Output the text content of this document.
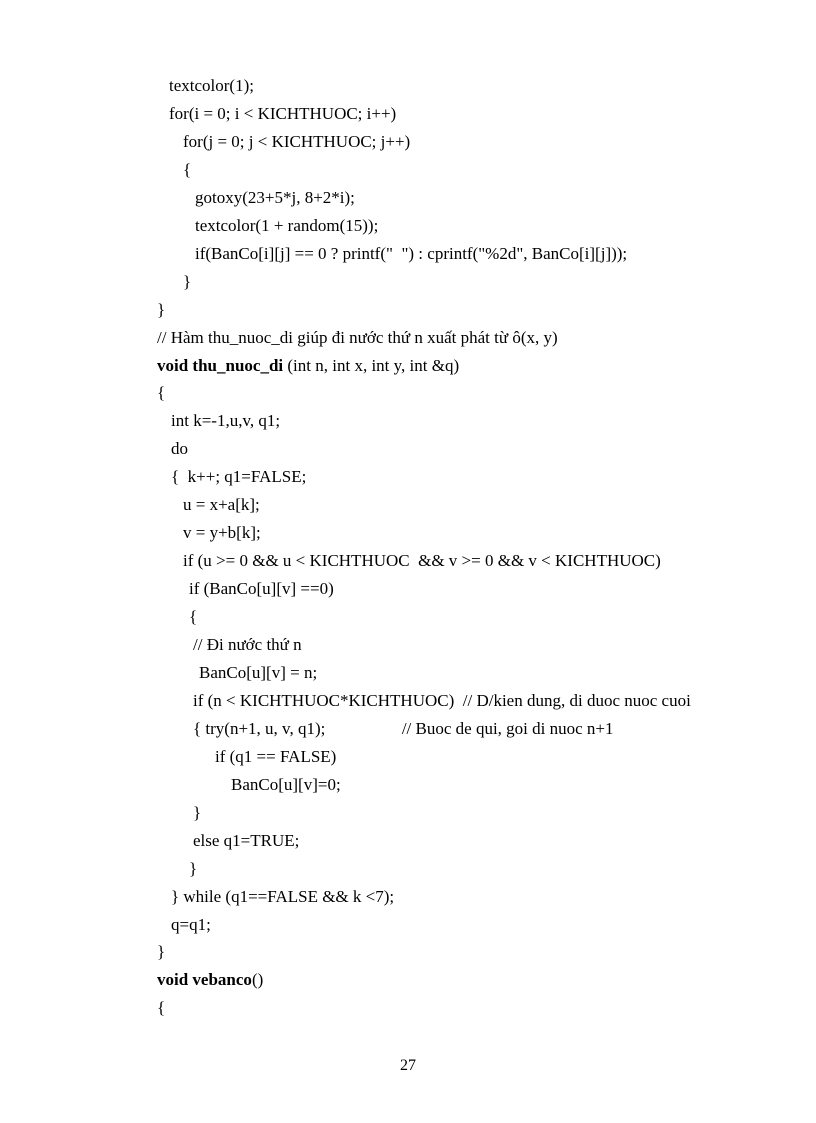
textcolor(1);
for(i = 0; i < KICHTHUOC; i++)
for(j = 0; j < KICHTHUOC; j++)
{
gotoxy(23+5*j, 8+2*i);
textcolor(1 + random(15));
if(BanCo[i][j] == 0 ? printf("  ") : cprintf("%2d", BanCo[i][j]));
}
}
// Hàm thu_nuoc_di giúp đi nước thứ n xuất phát từ ô(x, y)
void thu_nuoc_di (int n, int x, int y, int &q)
{
int k=-1,u,v, q1;
do
{  k++; q1=FALSE;
u = x+a[k];
v = y+b[k];
if (u >= 0 && u < KICHTHUOC  && v >= 0 && v < KICHTHUOC)
if (BanCo[u][v] ==0)
{
// Đi nước thứ n
BanCo[u][v] = n;
if (n < KICHTHUOC*KICHTHUOC)  // D/kien dung, di duoc nuoc cuoi
{ try(n+1, u, v, q1);                  // Buoc de qui, goi di nuoc n+1
if (q1 == FALSE)
BanCo[u][v]=0;
}
else q1=TRUE;
}
} while (q1==FALSE && k <7);
q=q1;
}
void vebanco()
{
27
